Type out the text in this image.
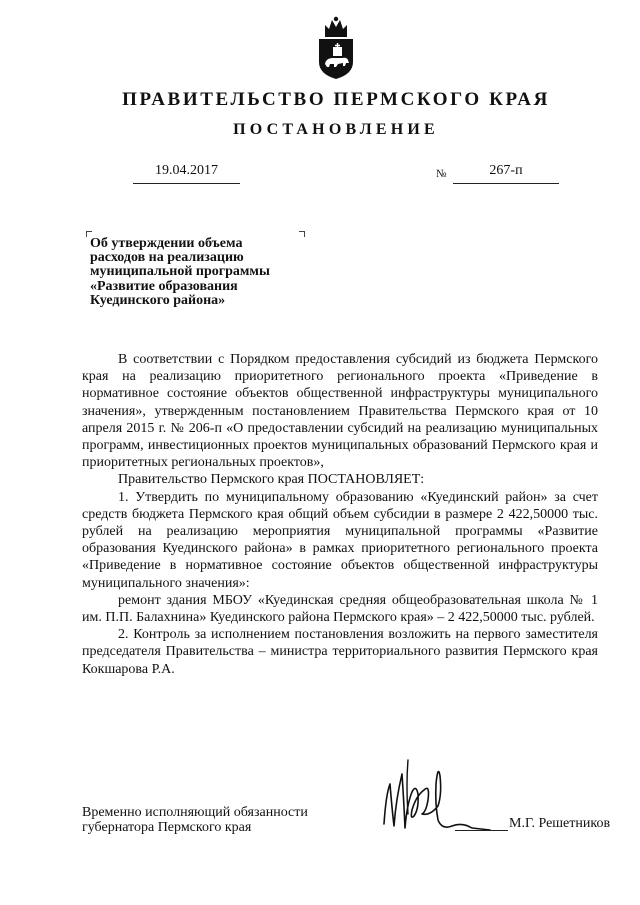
ПРАВИТЕЛЬСТВО ПЕРМСКОГО КРАЯ
ПОСТАНОВЛЕНИЕ
19.04.2017	№	267-п
Об утверждении объема
расходов на реализацию
муниципальной программы
«Развитие образования
Куединского района»

В соответствии с Порядком предоставления субсидий из бюджета Пермского края на реализацию приоритетного регионального проекта «Приведение в нормативное состояние объектов общественной инфраструктуры муниципального значения», утвержденным постановлением Правительства Пермского края от 10 апреля 2015 г. № 206-п «О предоставлении субсидий на реализацию муниципальных программ, инвестиционных проектов муниципальных образований Пермского края и приоритетных региональных проектов»,

Правительство Пермского края ПОСТАНОВЛЯЕТ:

1. Утвердить по муниципальному образованию «Куединский район» за счет средств бюджета Пермского края общий объем субсидии в размере 2 422,50000 тыс. рублей на реализацию мероприятия муниципальной программы «Развитие образования Куединского района» в рамках приоритетного регионального проекта «Приведение в нормативное состояние объектов общественной инфраструктуры муниципального значения»:

ремонт здания МБОУ «Куединская средняя общеобразовательная школа № 1 им. П.П. Балахнина» Куединского района Пермского края» – 2 422,50000 тыс. рублей.

2. Контроль за исполнением постановления возложить на первого заместителя председателя Правительства – министра территориального развития Пермского края Кокшарова Р.А.

Временно исполняющий обязанности
губернатора Пермского края	М.Г. Решетников
